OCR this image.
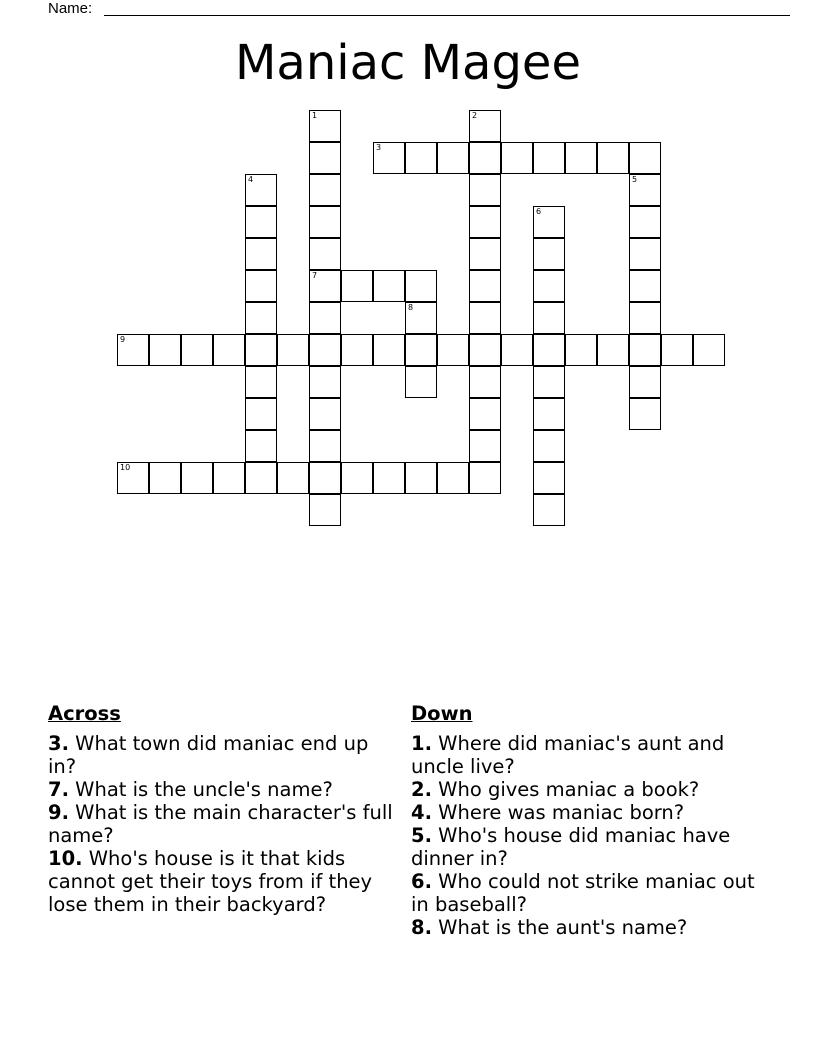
Name:
Maniac Magee
1
7
2
3
4	5
6
8
9
10
Across
3. What town did maniac end up in?
7. What is the uncle's name?
9. What is the main character's full name?
10. Who's house is it that kids cannot get their toys from if they lose them in their backyard?
Down
1. Where did maniac's aunt and uncle live?
2. Who gives maniac a book?
4. Where was maniac born?
5. Who's house did maniac have dinner in?
6. Who could not strike maniac out in baseball?
8. What is the aunt's name?
